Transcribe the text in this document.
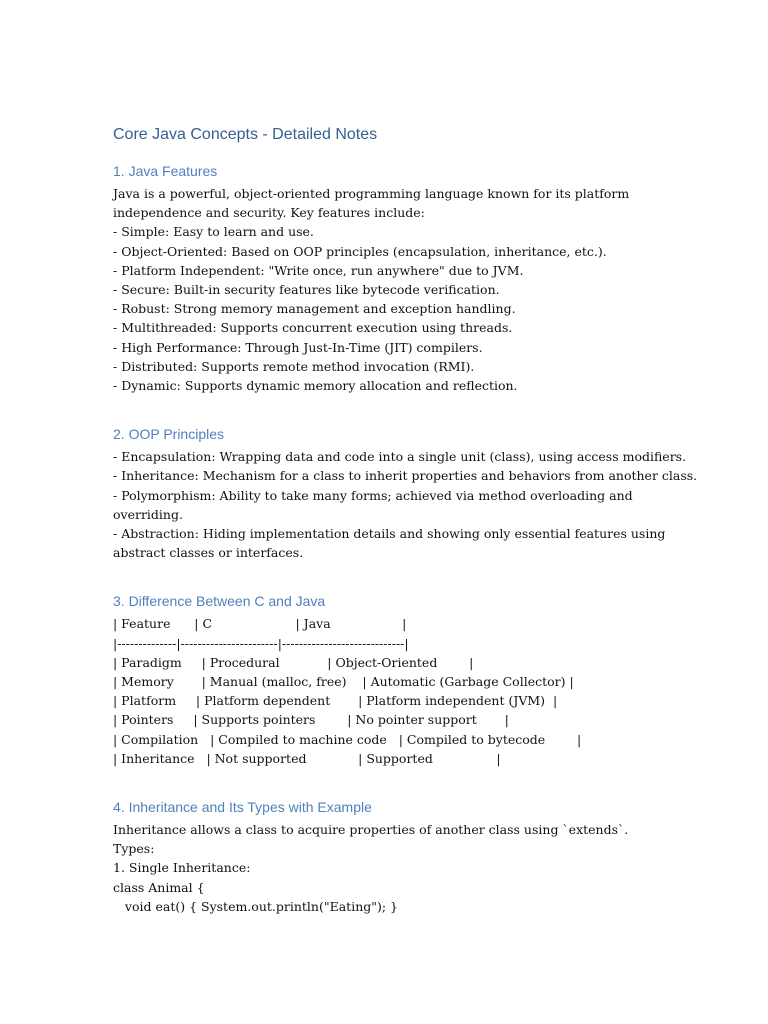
Core Java Concepts - Detailed Notes
1. Java Features
Java is a powerful, object-oriented programming language known for its platform
independence and security. Key features include:
- Simple: Easy to learn and use.
- Object-Oriented: Based on OOP principles (encapsulation, inheritance, etc.).
- Platform Independent: "Write once, run anywhere" due to JVM.
- Secure: Built-in security features like bytecode verification.
- Robust: Strong memory management and exception handling.
- Multithreaded: Supports concurrent execution using threads.
- High Performance: Through Just-In-Time (JIT) compilers.
- Distributed: Supports remote method invocation (RMI).
- Dynamic: Supports dynamic memory allocation and reflection.
2. OOP Principles
- Encapsulation: Wrapping data and code into a single unit (class), using access modifiers.
- Inheritance: Mechanism for a class to inherit properties and behaviors from another class.
- Polymorphism: Ability to take many forms; achieved via method overloading and
overriding.
- Abstraction: Hiding implementation details and showing only essential features using
abstract classes or interfaces.
3. Difference Between C and Java
| Feature      | C                     | Java                  |
|--------------|-----------------------|-----------------------------|
| Paradigm     | Procedural            | Object-Oriented        |
| Memory       | Manual (malloc, free)    | Automatic (Garbage Collector) |
| Platform     | Platform dependent       | Platform independent (JVM)  |
| Pointers     | Supports pointers        | No pointer support       |
| Compilation   | Compiled to machine code   | Compiled to bytecode        |
| Inheritance   | Not supported             | Supported                |
4. Inheritance and Its Types with Example
Inheritance allows a class to acquire properties of another class using `extends`.
Types:
1. Single Inheritance:
class Animal {
void eat() { System.out.println("Eating"); }
